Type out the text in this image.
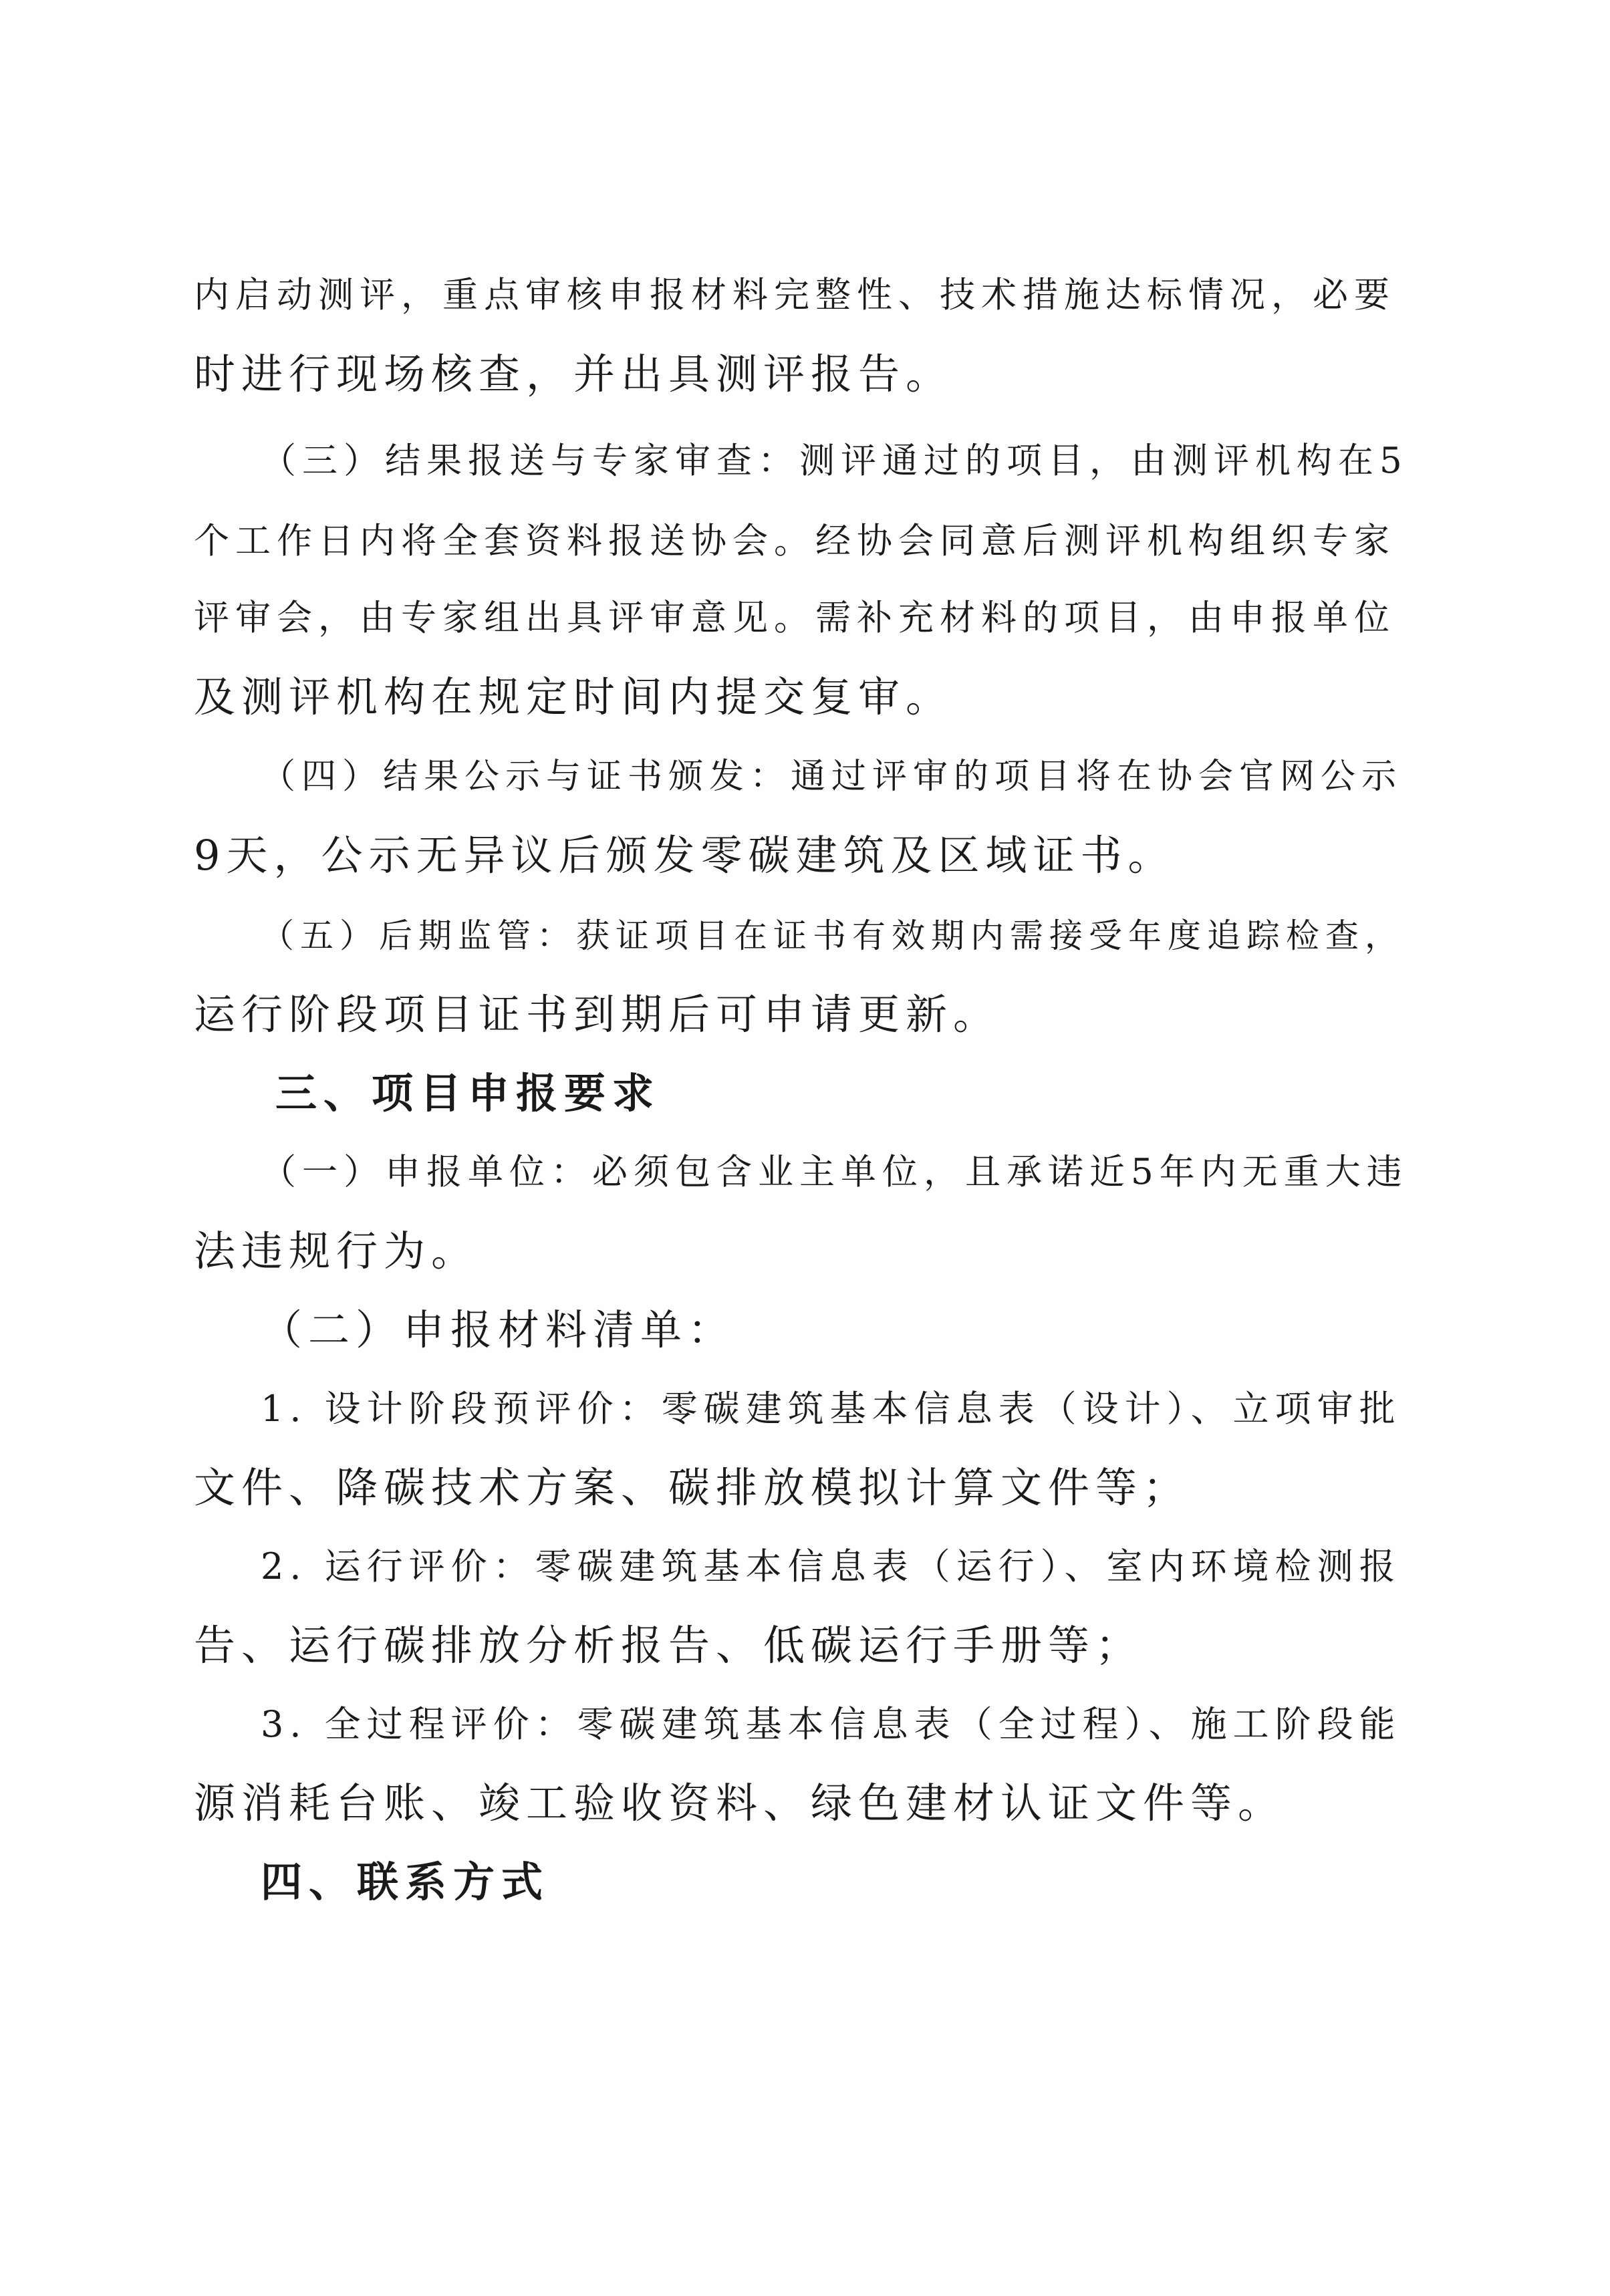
内启动测评，重点审核申报材料完整性、技术措施达标情况，必要
时进行现场核查，并出具测评报告。
（三）结果报送与专家审查：测评通过的项目，由测评机构在5
个工作日内将全套资料报送协会。经协会同意后测评机构组织专家
评审会，由专家组出具评审意见。需补充材料的项目，由申报单位
及测评机构在规定时间内提交复审。
（四）结果公示与证书颁发：通过评审的项目将在协会官网公示
9天，公示无异议后颁发零碳建筑及区域证书。
（五）后期监管：获证项目在证书有效期内需接受年度追踪检查，
运行阶段项目证书到期后可申请更新。
三、项目申报要求
（一）申报单位：必须包含业主单位，且承诺近5年内无重大违
法违规行为。
（二）申报材料清单：
1. 设计阶段预评价：零碳建筑基本信息表（设计）、立项审批
文件、降碳技术方案、碳排放模拟计算文件等；
2. 运行评价：零碳建筑基本信息表（运行）、室内环境检测报
告、运行碳排放分析报告、低碳运行手册等；
3. 全过程评价：零碳建筑基本信息表（全过程）、施工阶段能
源消耗台账、竣工验收资料、绿色建材认证文件等。
四、联系方式
